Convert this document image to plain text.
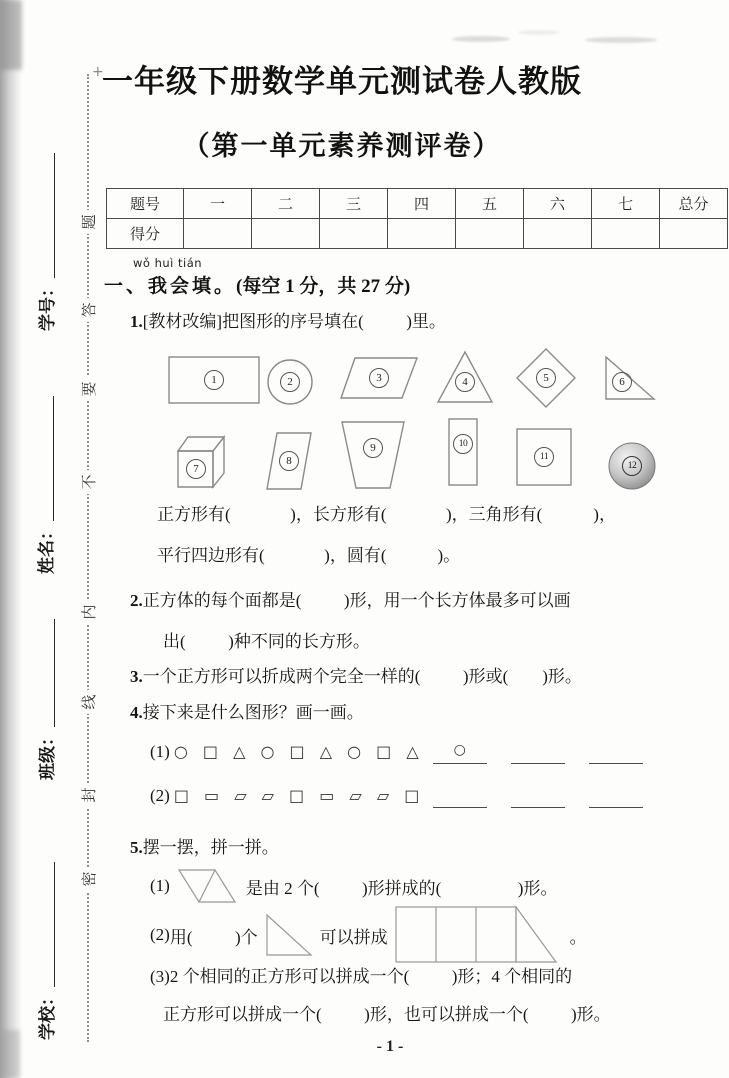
学号：
姓名：
班级：
学校：
+
题
答
要
不
内
线
封
密
一年级下册数学单元测试卷人教版
（第一单元素养测评卷）
题号	一	二	三	四	五	六	七	总分
得分								
wǒ huì tián
一、我会填。(每空 1 分，共 27 分)
1.[教材改编]把图形的序号填在(          )里。
1	2	3	4	5	6
7
8
9	10
11
12
正方形有(              )，长方形有(              )，三角形有(            )，
平行四边形有(              )，圆有(            )。
2.正方体的每个面都是(          )形，用一个长方体最多可以画
出(          )种不同的长方形。
3.一个正方形可以折成两个完全一样的(          )形或(        )形。
4.接下来是什么图形？画一画。
(1) ○ □ △ ○ □ △ ○ □ △	○
(2) □ ▭ ▱ ▱ □ ▭ ▱ ▱ □
5.摆一摆，拼一拼。
(1)	是由 2 个(          )形拼成的(                  )形。
(2) 用(          )个	可以拼成	。
(3)2 个相同的正方形可以拼成一个(          )形；4 个相同的
正方形可以拼成一个(          )形，也可以拼成一个(          )形。
- 1 -
